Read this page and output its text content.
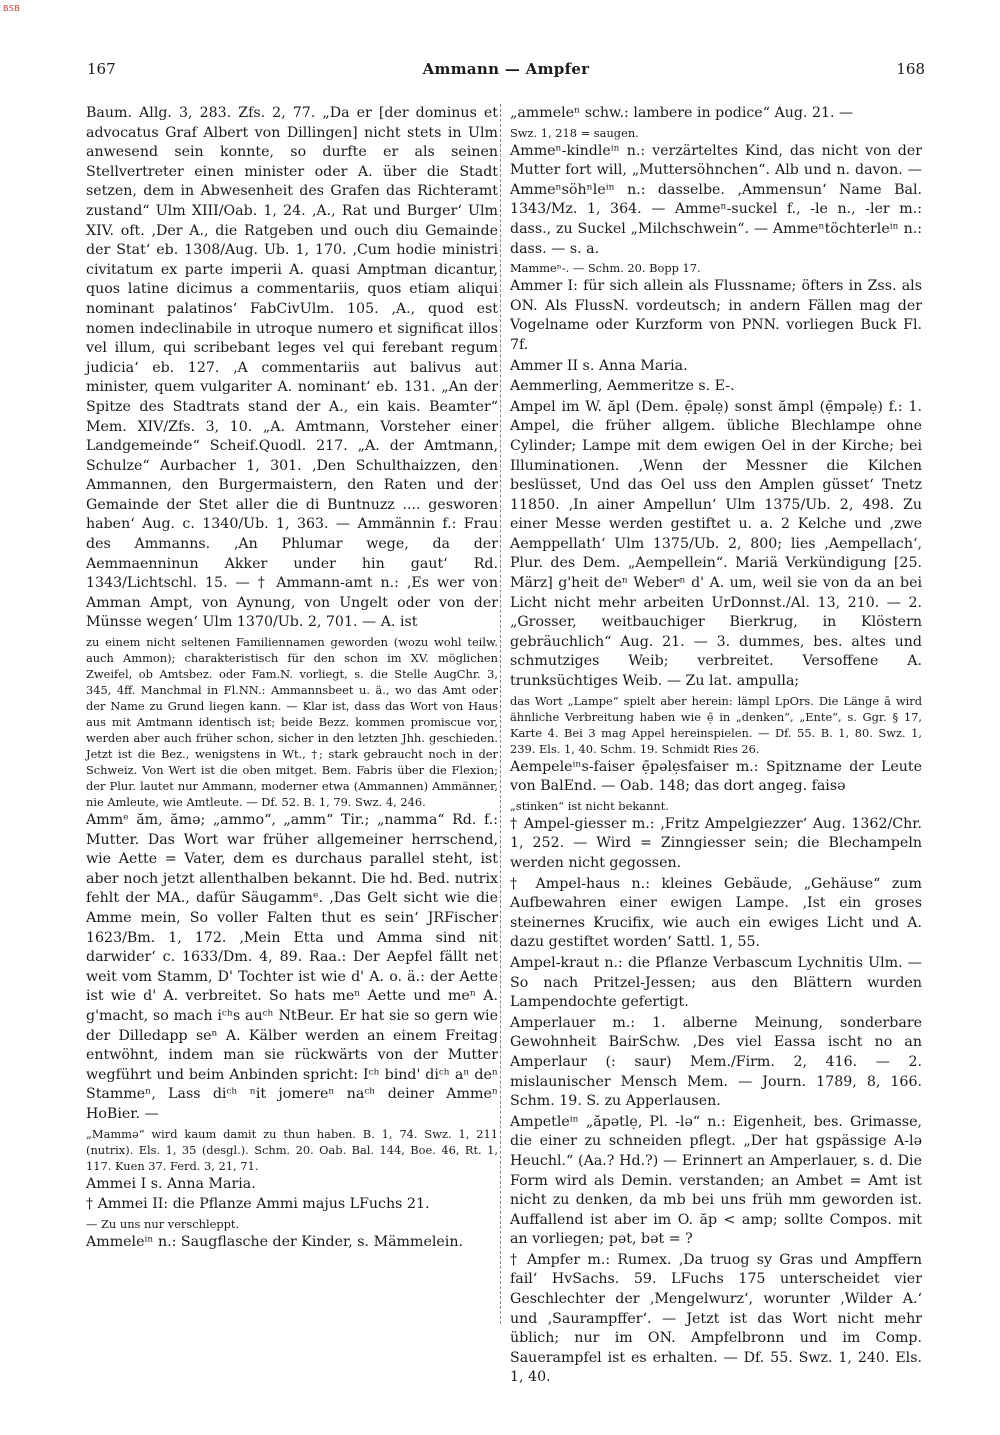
BSB
167	Ammann — Ampfer	168

Baum. Allg. 3, 283. Zfs. 2, 77. „Da er [der dominus et advocatus Graf Albert von Dillingen] nicht stets in Ulm anwesend sein konnte, so durfte er als seinen Stellvertreter einen minister oder A. über die Stadt setzen, dem in Abwesenheit des Grafen das Richteramt zustand“ Ulm XIII/Oab. 1, 24. ‚A., Rat und Burger‘ Ulm XIV. oft. ‚Der A., die Ratgeben und ouch diu Gemainde der Stat‘ eb. 1308/Aug. Ub. 1, 170. ‚Cum hodie ministri civitatum ex parte imperii A. quasi Amptman dicantur, quos latine dicimus a commentariis, quos etiam aliqui nominant palatinos‘ FabCivUlm. 105. ‚A., quod est nomen indeclinabile in utroque numero et significat illos vel illum, qui scribebant leges vel qui ferebant regum judicia‘ eb. 127. ‚A commentariis aut balivus aut minister, quem vulgariter A. nominant‘ eb. 131. „An der Spitze des Stadtrats stand der A., ein kais. Beamter“ Mem. XIV/Zfs. 3, 10. „A. Amtmann, Vorsteher einer Landgemeinde“ Scheif.Quodl. 217. „A. der Amtmann, Schulze“ Aurbacher 1, 301. ‚Den Schulthaizzen, den Ammannen, den Burgermaistern, den Raten und der Gemainde der Stet aller die di Buntnuzz .... gesworen haben‘ Aug. c. 1340/Ub. 1, 363. — Ammännin f.: Frau des Ammanns. ‚An Phlumar wege, da der Aemmaenninun Akker under hin gaut‘ Rd. 1343/Lichtschl. 15. — † Ammann-amt n.: ‚Es wer von Amman Ampt, von Aynung, von Ungelt oder von der Münsse wegen‘ Ulm 1370/Ub. 2, 701. — A. ist

zu einem nicht seltenen Familiennamen geworden (wozu wohl teilw. auch Ammon); charakteristisch für den schon im XV. möglichen Zweifel, ob Amtsbez. oder Fam.N. vorliegt, s. die Stelle AugChr. 3, 345, 4ff. Manchmal in Fl.NN.: Ammannsbeet u. ä., wo das Amt oder der Name zu Grund liegen kann. — Klar ist, dass das Wort von Haus aus mit Amtmann identisch ist; beide Bezz. kommen promiscue vor, werden aber auch früher schon, sicher in den letzten Jhh. geschieden. Jetzt ist die Bez., wenigstens in Wt., †; stark gebraucht noch in der Schweiz. Von Wert ist die oben mitget. Bem. Fabris über die Flexion; der Plur. lautet nur Ammann, moderner etwa (Ammannen) Ammänner, nie Amleute, wie Amtleute. — Df. 52. B. 1, 79. Swz. 4, 246.

Ammᵉ ăm, ămə; „ammo“, „amm“ Tir.; „namma“ Rd. f.: Mutter. Das Wort war früher allgemeiner herrschend, wie Aette = Vater, dem es durchaus parallel steht, ist aber noch jetzt allenthalben bekannt. Die hd. Bed. nutrix fehlt der MA., dafür Säugammᵉ. ‚Das Gelt sicht wie die Amme mein, So voller Falten thut es sein‘ JRFischer 1623/Bm. 1, 172. ‚Mein Etta und Amma sind nit darwider‘ c. 1633/Dm. 4, 89. Raa.: Der Aepfel fällt net weit vom Stamm, D' Tochter ist wie d' A. o. ä.: der Aette ist wie d' A. verbreitet. So hats meⁿ Aette und meⁿ A. g'macht, so mach iᶜʰs auᶜʰ NtBeur. Er hat sie so gern wie der Dilledapp seⁿ A. Kälber werden an einem Freitag entwöhnt, indem man sie rückwärts von der Mutter wegführt und beim Anbinden spricht: Iᶜʰ bind' diᶜʰ aⁿ deⁿ Stammeⁿ, Lass diᶜʰ ⁿit jomereⁿ naᶜʰ deiner Ammeⁿ HoBier. —

„Mammə“ wird kaum damit zu thun haben. B. 1, 74. Swz. 1, 211 (nutrix). Els. 1, 35 (desgl.). Schm. 20. Oab. Bal. 144, Boe. 46, Rt. 1, 117. Kuen 37. Ferd. 3, 21, 71.

Ammei I s. Anna Maria.

† Ammei II: die Pflanze Ammi majus LFuchs 21.

— Zu uns nur verschleppt.

Ammeleⁱⁿ n.: Saugflasche der Kinder, s. Mämmelein.

„ammeleⁿ schw.: lambere in podice“ Aug. 21. —

Swz. 1, 218 = saugen.

Ammeⁿ-kindleⁱⁿ n.: verzärteltes Kind, das nicht von der Mutter fort will, „Muttersöhnchen“. Alb und n. davon. — Ammeⁿsöhⁿleⁱⁿ n.: dasselbe. ‚Ammensun‘ Name Bal. 1343/Mz. 1, 364. — Ammeⁿ-suckel f., -le n., -ler m.: dass., zu Suckel „Milchschwein“. — Ammeⁿtöchterleⁱⁿ n.: dass. — s. a.

Mammeⁿ-. — Schm. 20. Bopp 17.

Ammer I: für sich allein als Flussname; öfters in Zss. als ON. Als FlussN. vordeutsch; in andern Fällen mag der Vogelname oder Kurzform von PNN. vorliegen Buck Fl. 7f.

Ammer II s. Anna Maria.

Aemmerling, Aemmeritze s. E-.

Ampel im W. ăpl (Dem. ẹ̄pəlẹ) sonst ămpl (ẹ̄mpəlẹ) f.: 1. Ampel, die früher allgem. übliche Blechlampe ohne Cylinder; Lampe mit dem ewigen Oel in der Kirche; bei Illuminationen. ‚Wenn der Messner die Kilchen beslüsset, Und das Oel uss den Amplen güsset‘ Tnetz 11850. ‚In ainer Ampellun‘ Ulm 1375/Ub. 2, 498. Zu einer Messe werden gestiftet u. a. 2 Kelche und ‚zwe Aemppellath‘ Ulm 1375/Ub. 2, 800; lies ‚Aempellach‘, Plur. des Dem. „Aempellein“. Mariä Verkündigung [25. März] g'heit deⁿ Weberⁿ d' A. um, weil sie von da an bei Licht nicht mehr arbeiten UrDonnst./Al. 13, 210. — 2. „Grosser, weitbauchiger Bierkrug, in Klöstern gebräuchlich“ Aug. 21. — 3. dummes, bes. altes und schmutziges Weib; verbreitet. Versoffene A. trunksüchtiges Weib. — Zu lat. ampulla;

das Wort „Lampe“ spielt aber herein: lämpl LpOrs. Die Länge ā wird ähnliche Verbreitung haben wie ẹ̄ in „denken“, „Ente“, s. Ggr. § 17, Karte 4. Bei 3 mag Appel hereinspielen. — Df. 55. B. 1, 80. Swz. 1, 239. Els. 1, 40. Schm. 19. Schmidt Ries 26.

Aempeleⁱⁿs-faiser ẹ̄pəlẹsfaiser m.: Spitzname der Leute von BalEnd. — Oab. 148; das dort angeg. faisə

„stinken“ ist nicht bekannt.

† Ampel-giesser m.: ‚Fritz Ampelgiezzer‘ Aug. 1362/Chr. 1, 252. — Wird = Zinngiesser sein; die Blechampeln werden nicht gegossen.

† Ampel-haus n.: kleines Gebäude, „Gehäuse“ zum Aufbewahren einer ewigen Lampe. ‚Ist ein groses steinernes Krucifix, wie auch ein ewiges Licht und A. dazu gestiftet worden‘ Sattl. 1, 55.

Ampel-kraut n.: die Pflanze Verbascum Lychnitis Ulm. — So nach Pritzel-Jessen; aus den Blättern wurden Lampendochte gefertigt.

Amperlauer m.: 1. alberne Meinung, sonderbare Gewohnheit BairSchw. ‚Des viel Eassa ischt no an Amperlaur (: saur) Mem./Firm. 2, 416. — 2. mislaunischer Mensch Mem. — Journ. 1789, 8, 166. Schm. 19. S. zu Apperlausen.

Ampetleⁱⁿ „ăpətlẹ, Pl. -lə“ n.: Eigenheit, bes. Grimasse, die einer zu schneiden pflegt. „Der hat gspässige A-lə Heuchl.“ (Aa.? Hd.?) — Erinnert an Amperlauer, s. d. Die Form wird als Demin. verstanden; an Ambet = Amt ist nicht zu denken, da mb bei uns früh mm geworden ist. Auffallend ist aber im O. ăp < amp; sollte Compos. mit an vorliegen; pət, bət = ?

† Ampfer m.: Rumex. ‚Da truog sy Gras und Ampffern fail‘ HvSachs. 59. LFuchs 175 unterscheidet vier Geschlechter der ‚Mengelwurz‘, worunter ‚Wilder A.‘ und ‚Saurampffer‘. — Jetzt ist das Wort nicht mehr üblich; nur im ON. Ampfelbronn und im Comp. Sauerampfel ist es erhalten. — Df. 55. Swz. 1, 240. Els. 1, 40.
